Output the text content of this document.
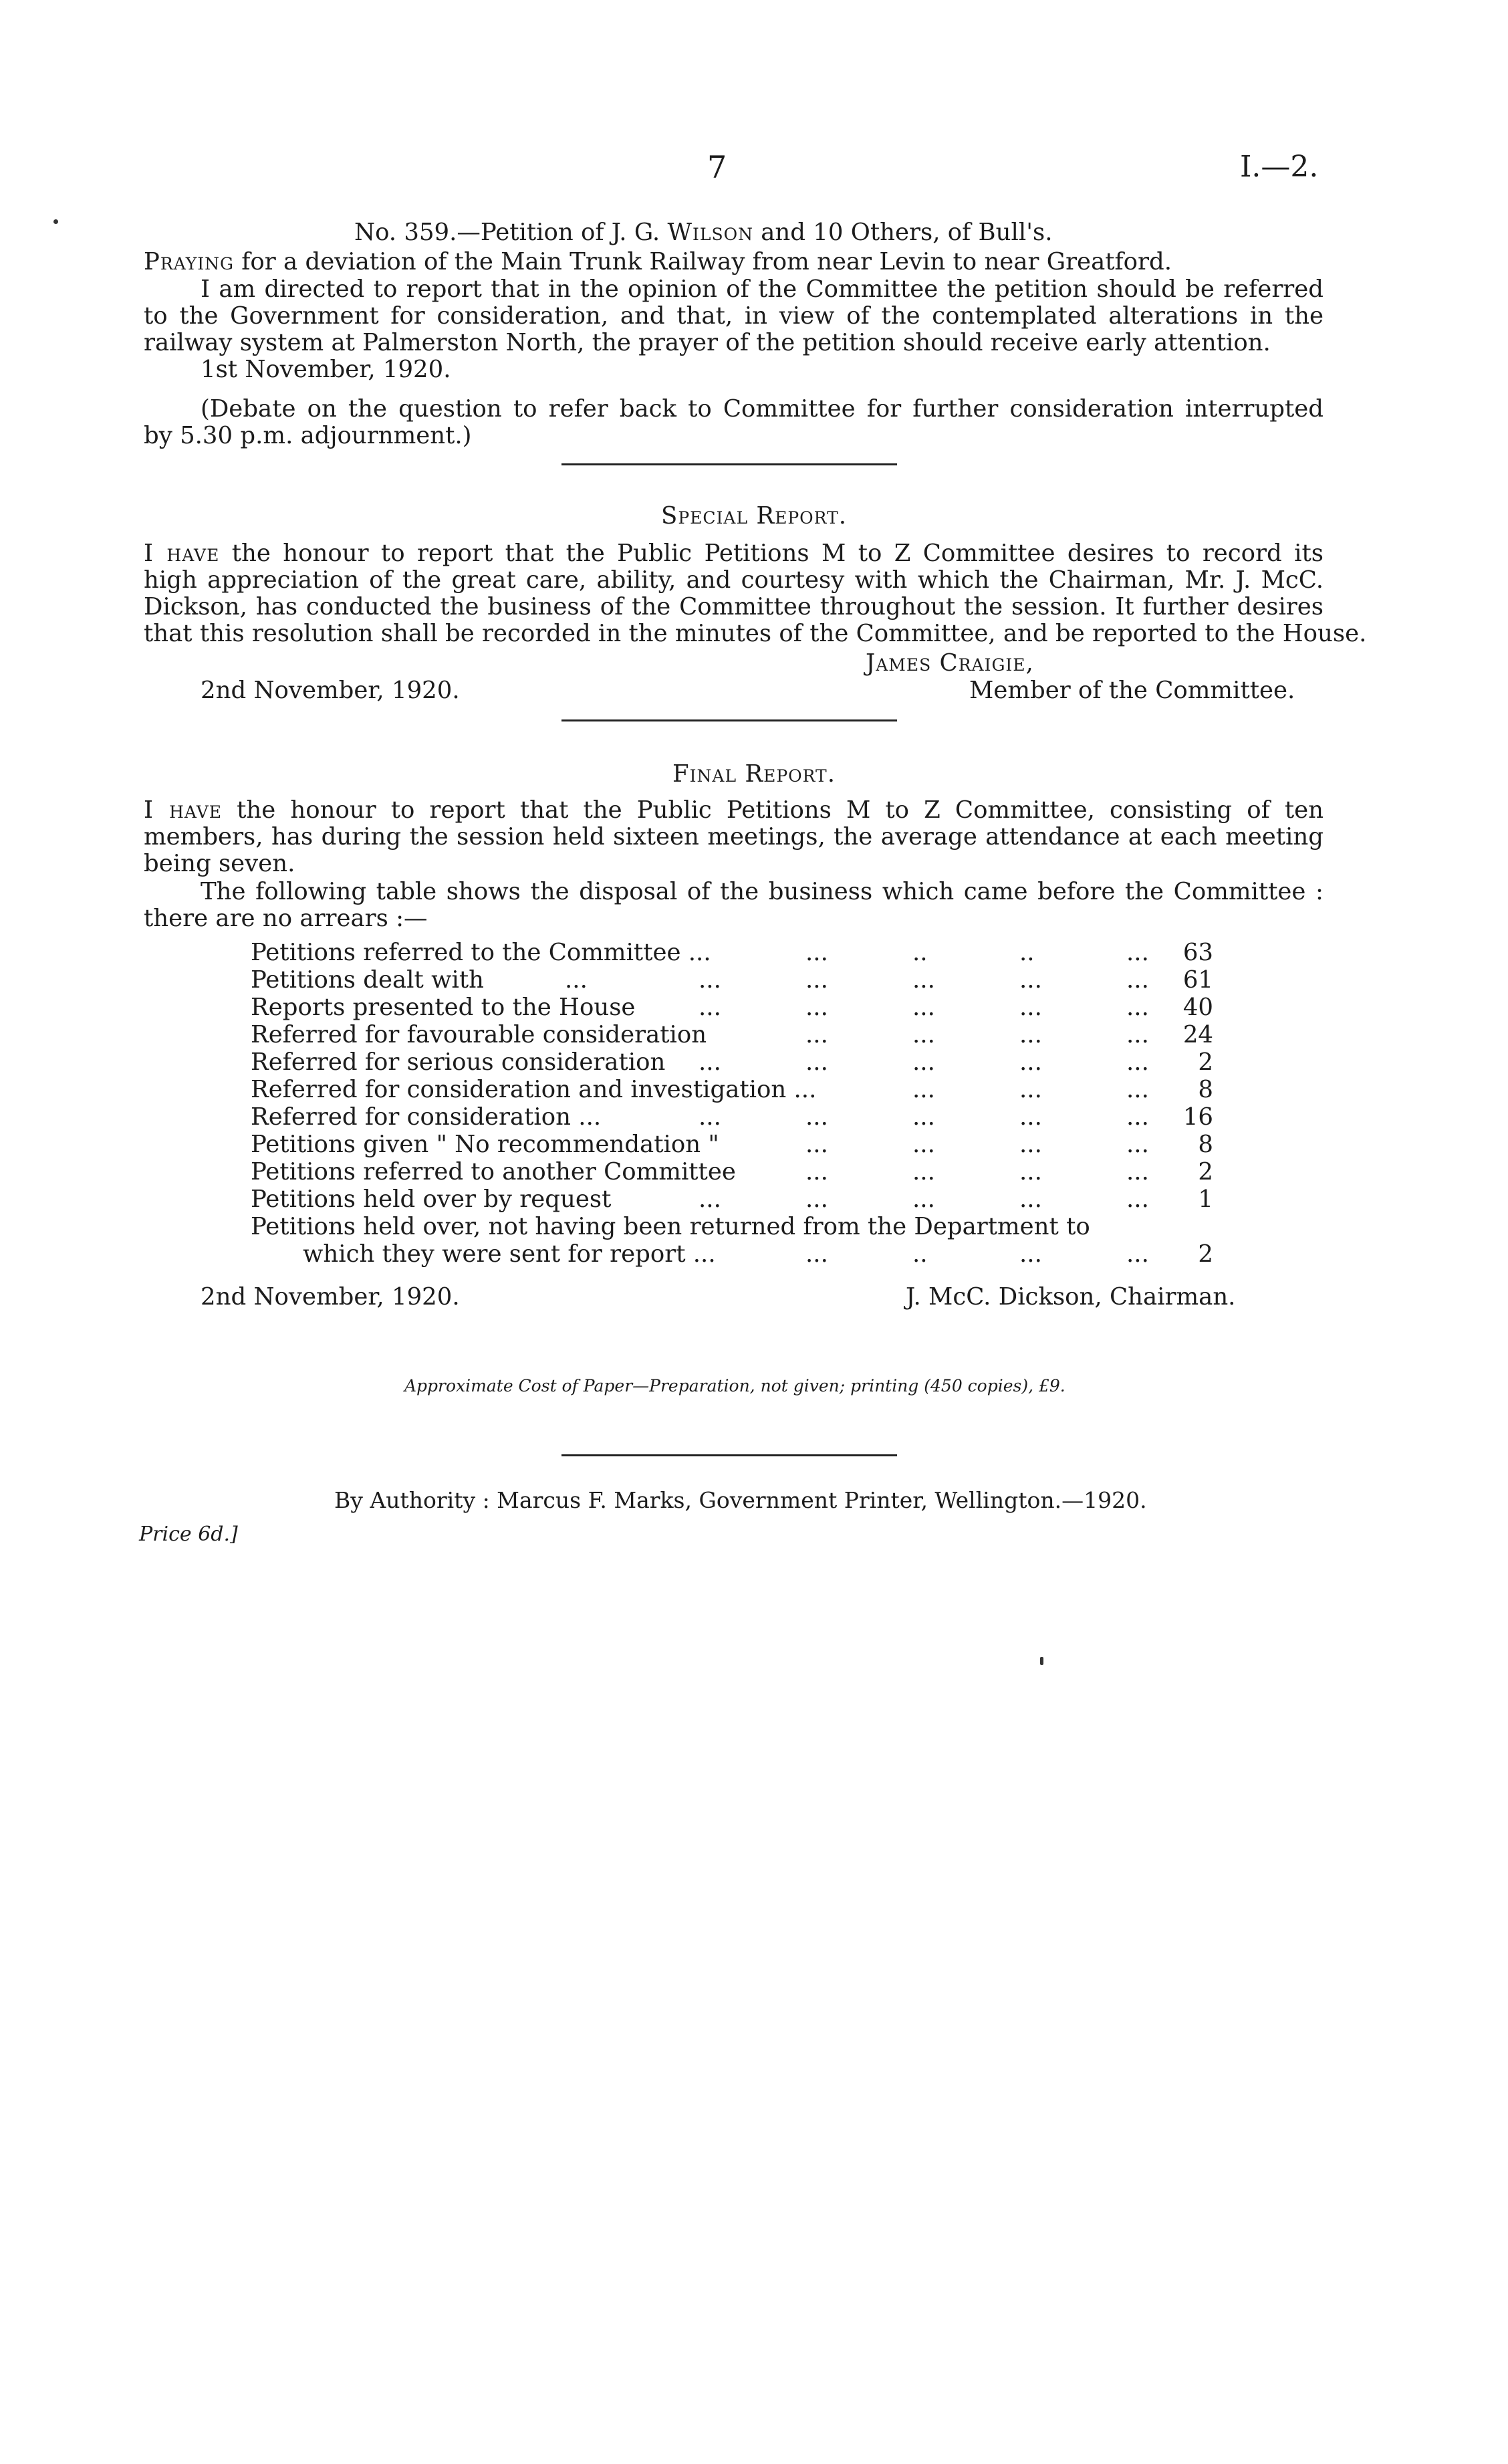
7	I.—2.
No. 359.—Petition of J. G. Wilson and 10 Others, of Bull's.
Praying for a deviation of the Main Trunk Railway from near Levin to near Greatford.
I am directed to report that in the opinion of the Committee the petition should be referred
to the Government for consideration, and that, in view of the contemplated alterations in the
railway system at Palmerston North, the prayer of the petition should receive early attention.
1st November, 1920.
(Debate on the question to refer back to Committee for further consideration interrupted
by 5.30 p.m. adjournment.)
Special Report.
I have the honour to report that the Public Petitions M to Z Committee desires to record its
high appreciation of the great care, ability, and courtesy with which the Chairman, Mr. J. McC.
Dickson, has conducted the business of the Committee throughout the session. It further desires
that this resolution shall be recorded in the minutes of the Committee, and be reported to the House.
James Craigie,
2nd November, 1920.	Member of the Committee.
Final Report.
I have the honour to report that the Public Petitions M to Z Committee, consisting of ten
members, has during the session held sixteen meetings, the average attendance at each meeting
being seven.
The following table shows the disposal of the business which came before the Committee :
there are no arrears :—
Petitions referred to the Committee ...	...	..	..	...	63
Petitions dealt with	...	...	...	...	...	...	61
Reports presented to the House	...	...	...	...	...	40
Referred for favourable consideration	...	...	...	...	24
Referred for serious consideration ...	...	...	...	...	2
Referred for consideration and investigation ...	...	...	...	8
Referred for consideration ...	...	...	...	...	...	16
Petitions given " No recommendation "	...	...	...	...	8
Petitions referred to another Committee	...	...	...	...	2
Petitions held over by request	...	...	...	...	...	1
Petitions held over, not having been returned from the Department to
which they were sent for report ...	...	..	...	...	2
2nd November, 1920.	J. McC. Dickson, Chairman.
Approximate Cost of Paper—Preparation, not given; printing (450 copies), £9.
By Authority : Marcus F. Marks, Government Printer, Wellington.—1920.
Price 6d.]
